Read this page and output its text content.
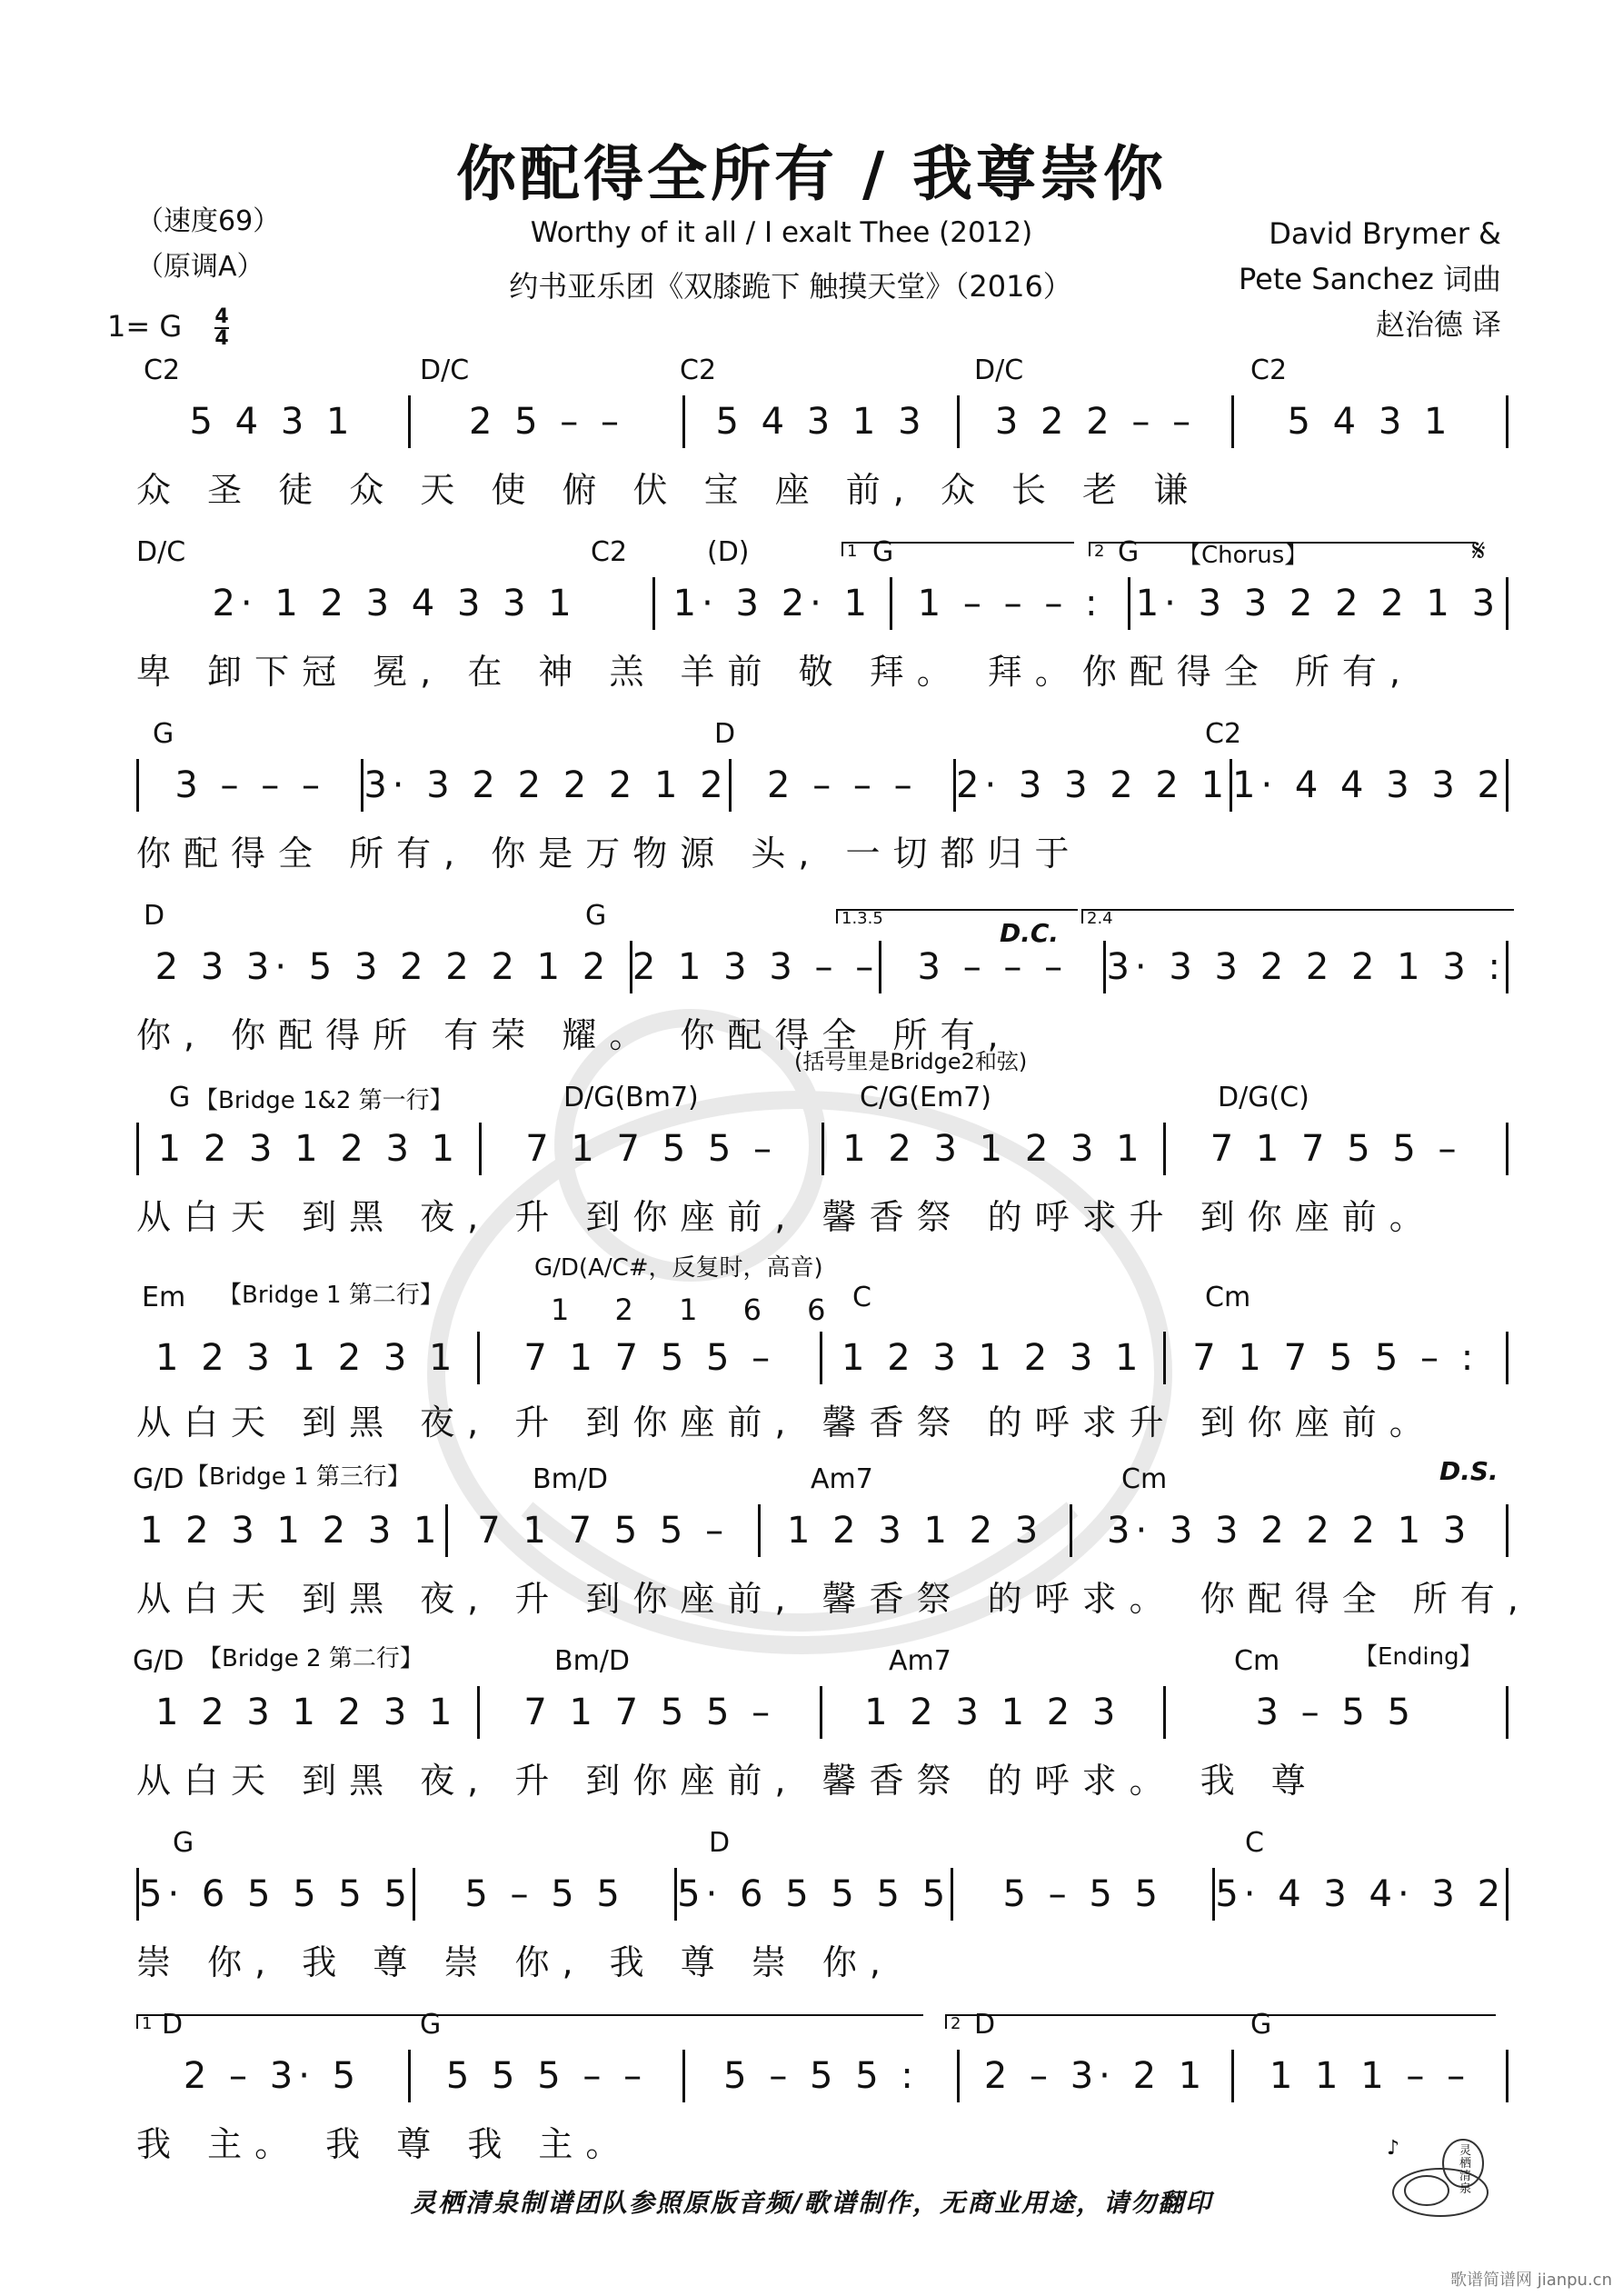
你配得全所有 / 我尊崇你
Worthy of it all / I exalt Thee (2012)
约书亚乐团《双膝跪下 触摸天堂》（2016）
（速度69）
（原调A）
1= G $\frac{4}{4}$
David Brymer &
Pete Sanchez 词曲
赵治德 译
C2	D/C	C2	D/C	C2
5 4 3 1	2 5 – –	5 4 3 1 3	3 2 2 – –	5 4 3 1
众 圣 徒 众 天 使 俯 伏 宝 座 前, 众 长 老 谦
D/C	C2	(D)	G	G
1	2	【Chorus】	𝄋
2· 1 2 3 4 3 3 1	1· 3 2· 1	1 – – – : 1· 3 3 2 2 2 1 3
卑 卸下冠 冕, 在 神 羔 羊前 敬 拜。 拜。你配得全 所有,
G	D	C2
3 – – –	3· 3 2 2 2 2 1 2	2 – – –	2· 3 3 2 2 1 1· 4 4 3 3 2
你配得全 所有, 你是万物源 头, 一切都归于
D	G	1.3.5	2.4
D.C.
2 3 3· 5 3 2 2 2 1 2 2 1 3 3 – –	3 – – –	3· 3 3 2 2 2 1 3 :
你, 你配得所 有荣 耀。 你配得全 所有,
G	D/G(Bm7)	C/G(Em7)	D/G(C)
【Bridge 1&2 第一行】
(括号里是Bridge2和弦)
1 2 3 1 2 3 1	7 1 7 5 5 –	1 2 3 1 2 3 1	7 1 7 5 5 –
从白天 到黑 夜, 升 到你座前, 馨香祭 的呼求升 到你座前。
Em
G/D(A/C#，反复时，高音)
C	Cm
【Bridge 1 第二行】	1 2 1 6 6
1 2 3 1 2 3 1	7 1 7 5 5 –	1 2 3 1 2 3 1	7 1 7 5 5 – :
从白天 到黑 夜, 升 到你座前, 馨香祭 的呼求升 到你座前。
G/D	Bm/D	Am7	Cm
【Bridge 1 第三行】	D.S.
1 2 3 1 2 3 1 7 1 7 5 5 –	1 2 3 1 2 3	3· 3 3 2 2 2 1 3
从白天 到黑 夜, 升 到你座前, 馨香祭 的呼求。 你配得全 所有,
G/D	Bm/D	Am7	Cm
【Bridge 2 第二行】	【Ending】
1 2 3 1 2 3 1	7 1 7 5 5 –	1 2 3 1 2 3	3 – 5 5
从白天 到黑 夜, 升 到你座前, 馨香祭 的呼求。 我 尊
G	D	C
5· 6 5 5 5 5	5 – 5 5	5· 6 5 5 5 5	5 – 5 5	5· 4 3 4· 3 2
崇 你, 我 尊 崇 你, 我 尊 崇 你,
D	G	D	G
1	2
2 – 3· 5	5 5 5 – –	5 – 5 5 :	2 – 3· 2 1	1 1 1 – –
我 主。 我 尊 我 主。
灵栖清泉制谱团队参照原版音频/歌谱制作，无商业用途，请勿翻印
♪	灵栖清泉
歌谱简谱网 jianpu.cn
